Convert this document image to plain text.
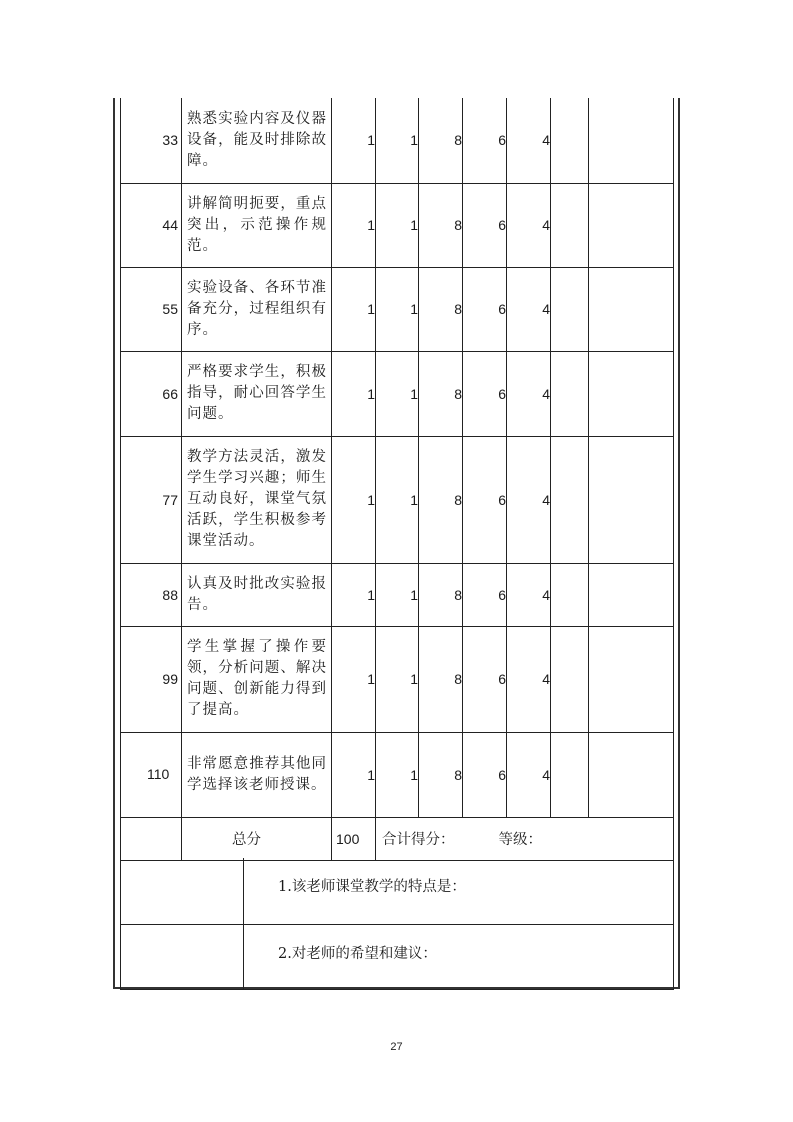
33	熟悉实验内容及仪器设备，能及时排除故障。	1	1	8	6	4		
44	讲解简明扼要，重点突出，示范操作规范。	1	1	8	6	4		
55	实验设备、各环节准备充分，过程组织有序。	1	1	8	6	4		
66	严格要求学生，积极指导，耐心回答学生问题。	1	1	8	6	4		
77	教学方法灵活，激发学生学习兴趣；师生互动良好，课堂气氛活跃，学生积极参考课堂活动。	1	1	8	6	4		
88	认真及时批改实验报告。	1	1	8	6	4		
99	学生掌握了操作要领，分析问题、解决问题、创新能力得到了提高。	1	1	8	6	4		
110	非常愿意推荐其他同学选择该老师授课。	1	1	8	6	4		
	总分	100	合计得分： 等级：					
	1.该老师课堂教学的特点是：
	2.对老师的希望和建议：
27
